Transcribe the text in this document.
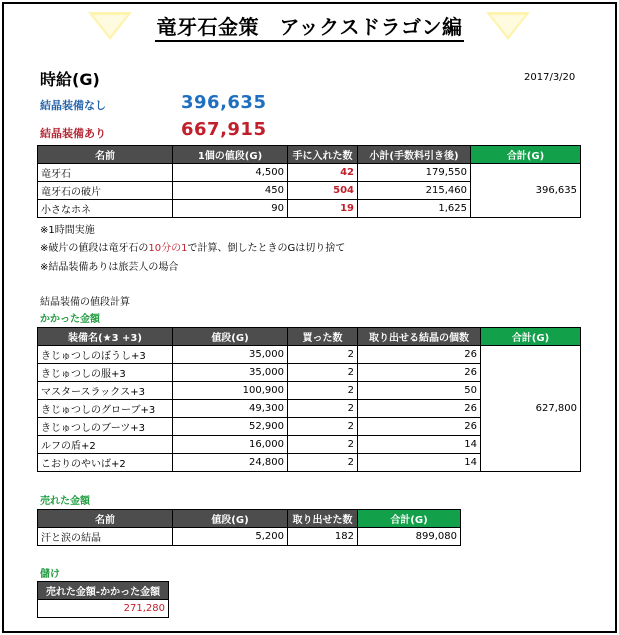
竜牙石金策　アックスドラゴン編
時給(G)	2017/3/20
結晶装備なし	396,635
結晶装備あり	667,915
名前	1個の値段(G)	手に入れた数	小計(手数料引き後)	合計(G)
竜牙石	4,500	42	179,550	396,635
竜牙石の破片	450	504	215,460	
小さなホネ	90	19	1,625	
※1時間実施
※破片の値段は竜牙石の10分の1で計算、倒したときのGは切り捨て
※結晶装備ありは旅芸人の場合
結晶装備の値段計算
かかった金額
装備名(★3 +3)	値段(G)	買った数	取り出せる結晶の個数	合計(G)
きじゅつしのぼうし+3	35,000	2	26	627,800
きじゅつしの服+3	35,000	2	26	
マスタースラックス+3	100,900	2	50	
きじゅつしのグローブ+3	49,300	2	26	
きじゅつしのブーツ+3	52,900	2	26	
ルフの盾+2	16,000	2	14	
こおりのやいば+2	24,800	2	14	
売れた金額
名前	値段(G)	取り出せた数	合計(G)
汗と涙の結晶	5,200	182	899,080
儲け
売れた金額-かかった金額
271,280
